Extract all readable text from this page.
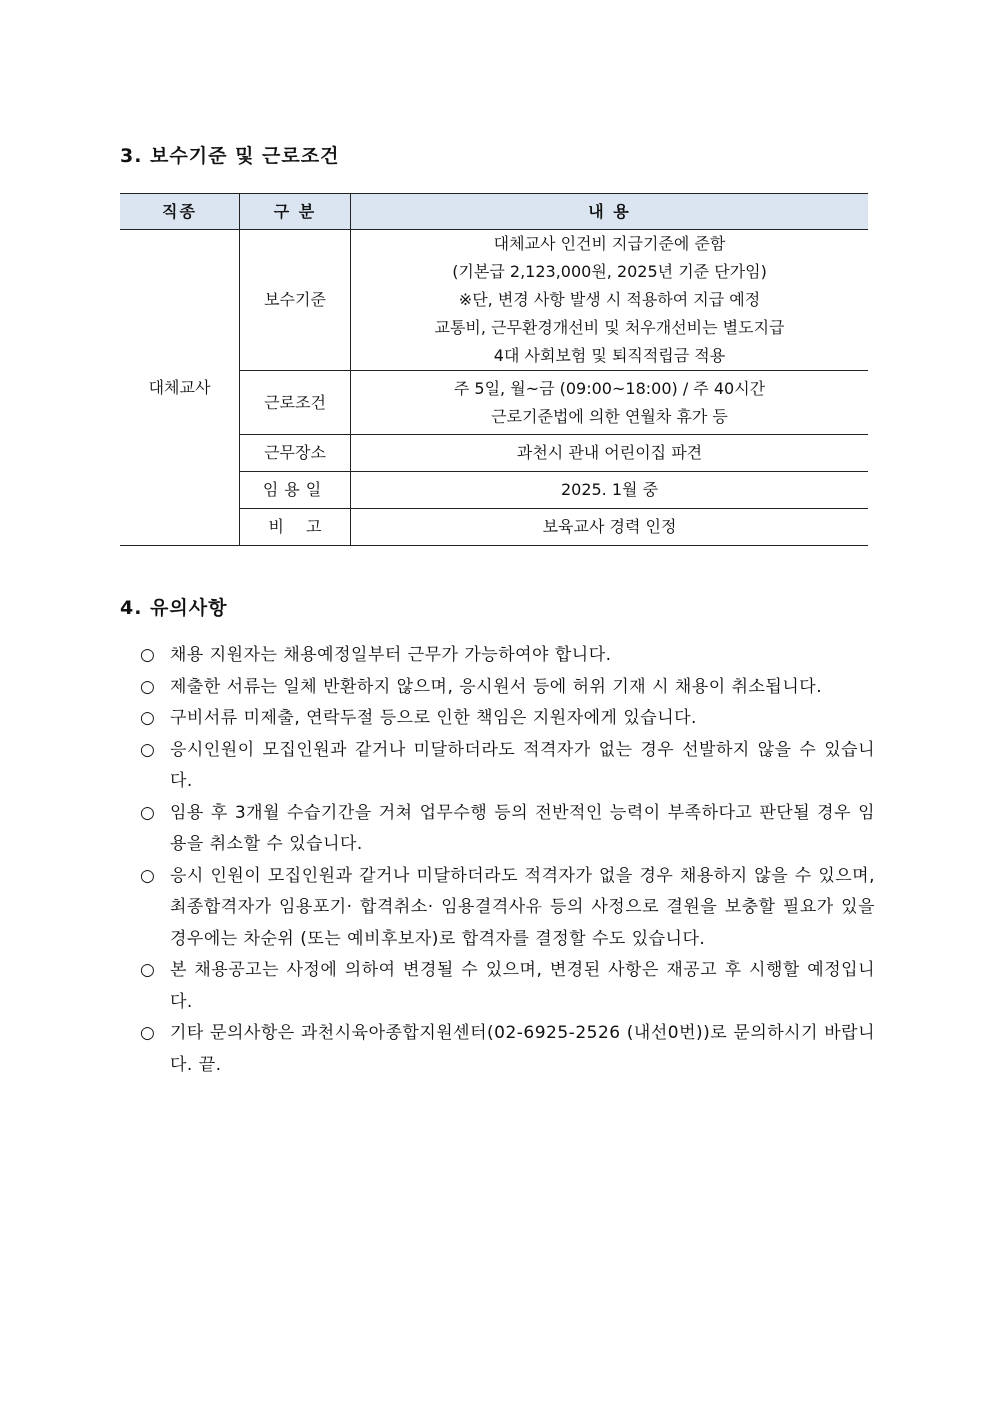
3. 보수기준 및 근로조건
직종	구 분	내 용
대체교사	보수기준	대체교사 인건비 지급기준에 준함
(기본급 2,123,000원, 2025년 기준 단가임)
※단, 변경 사항 발생 시 적용하여 지급 예정
교통비, 근무환경개선비 및 처우개선비는 별도지급
4대 사회보험 및 퇴직적립금 적용

	근로조건	주 5일, 월~금 (09:00~18:00) / 주 40시간
근로기준법에 의한 연월차 휴가 등

	근무장소	과천시 관내 어린이집 파견

	임용일	2025. 1월 중

	비고	보육교사 경력 인정
4. 유의사항
○ 채용 지원자는 채용예정일부터 근무가 가능하여야 합니다.
○ 제출한 서류는 일체 반환하지 않으며, 응시원서 등에 허위 기재 시 채용이 취소됩니다.
○ 구비서류 미제출, 연락두절 등으로 인한 책임은 지원자에게 있습니다.
○ 응시인원이 모집인원과 같거나 미달하더라도 적격자가 없는 경우 선발하지 않을 수 있습니다.
○ 임용 후 3개월 수습기간을 거쳐 업무수행 등의 전반적인 능력이 부족하다고 판단될 경우 임용을 취소할 수 있습니다.
○ 응시 인원이 모집인원과 같거나 미달하더라도 적격자가 없을 경우 채용하지 않을 수 있으며, 최종합격자가 임용포기· 합격취소· 임용결격사유 등의 사정으로 결원을 보충할 필요가 있을 경우에는 차순위 (또는 예비후보자)로 합격자를 결정할 수도 있습니다.
○ 본 채용공고는 사정에 의하여 변경될 수 있으며, 변경된 사항은 재공고 후 시행할 예정입니다.
○ 기타 문의사항은 과천시육아종합지원센터(02-6925-2526 (내선0번))로 문의하시기 바랍니다. 끝.
